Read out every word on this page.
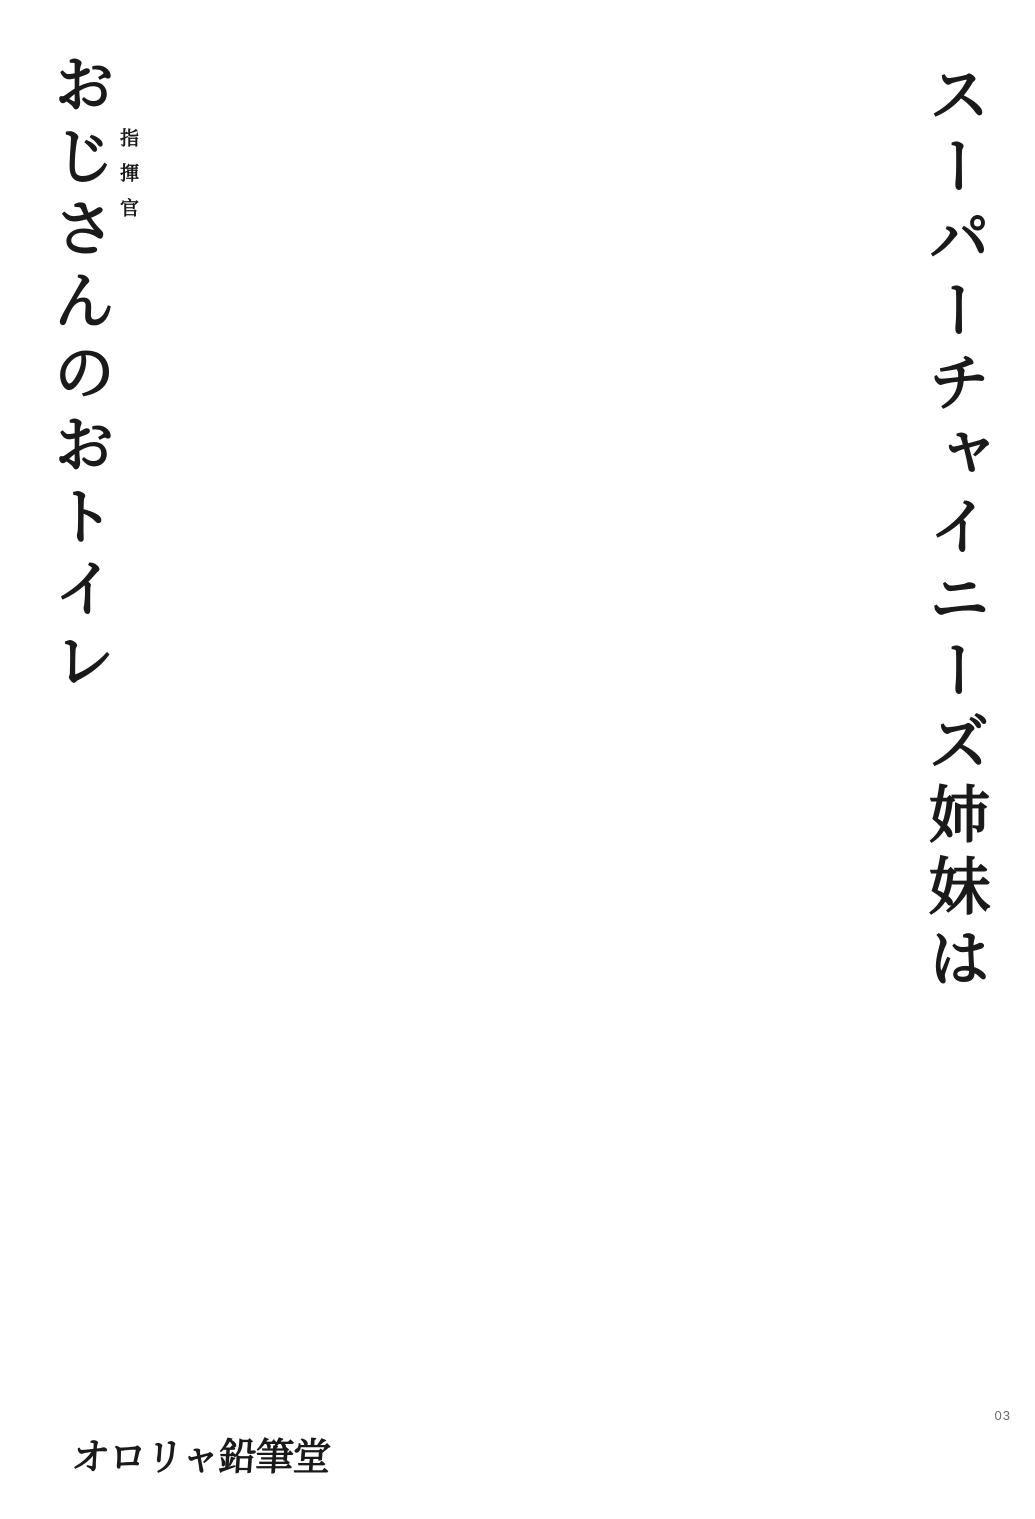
スーパーチャイニーズ姉妹は
おじさんのおトイレ 指揮官
オロリャ鉛筆堂
03
